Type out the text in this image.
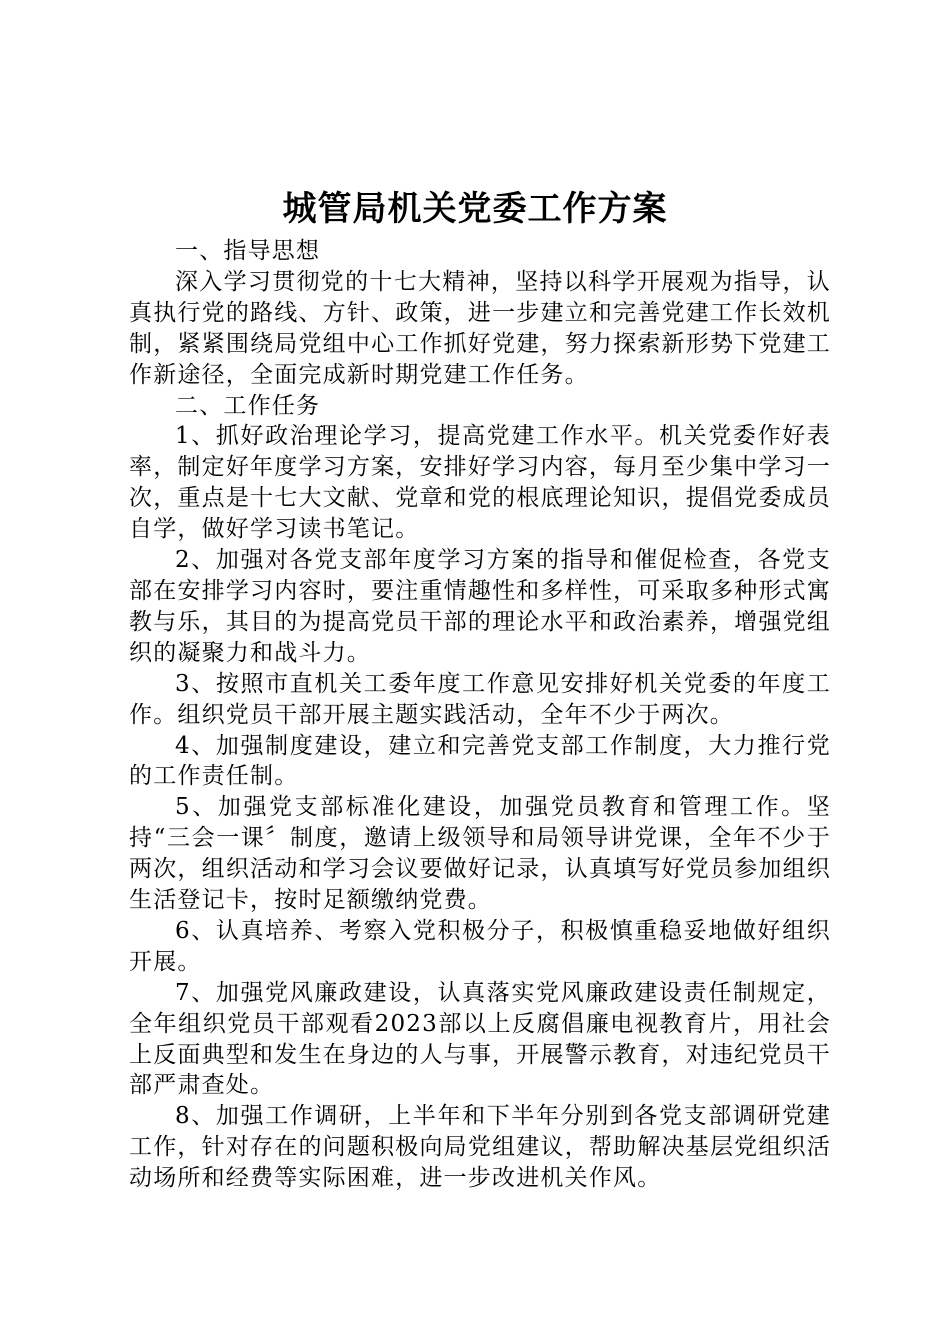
城管局机关党委工作方案

一、指导思想

深入学习贯彻党的十七大精神，坚持以科学开展观为指导，认真执行党的路线、方针、政策，进一步建立和完善党建工作长效机制，紧紧围绕局党组中心工作抓好党建，努力探索新形势下党建工作新途径，全面完成新时期党建工作任务。

二、工作任务

1、抓好政治理论学习，提高党建工作水平。机关党委作好表率，制定好年度学习方案，安排好学习内容，每月至少集中学习一次，重点是十七大文献、党章和党的根底理论知识，提倡党委成员自学，做好学习读书笔记。

2、加强对各党支部年度学习方案的指导和催促检查，各党支部在安排学习内容时，要注重情趣性和多样性，可采取多种形式寓教与乐，其目的为提高党员干部的理论水平和政治素养，增强党组织的凝聚力和战斗力。

3、按照市直机关工委年度工作意见安排好机关党委的年度工作。组织党员干部开展主题实践活动，全年不少于两次。

4、加强制度建设，建立和完善党支部工作制度，大力推行党的工作责任制。

5、加强党支部标准化建设，加强党员教育和管理工作。坚持“三会一课〞制度，邀请上级领导和局领导讲党课，全年不少于两次，组织活动和学习会议要做好记录，认真填写好党员参加组织生活登记卡，按时足额缴纳党费。

6、认真培养、考察入党积极分子，积极慎重稳妥地做好组织开展。

7、加强党风廉政建设，认真落实党风廉政建设责任制规定，全年组织党员干部观看2023部以上反腐倡廉电视教育片，用社会上反面典型和发生在身边的人与事，开展警示教育，对违纪党员干部严肃查处。

8、加强工作调研，上半年和下半年分别到各党支部调研党建工作，针对存在的问题积极向局党组建议，帮助解决基层党组织活动场所和经费等实际困难，进一步改进机关作风。
